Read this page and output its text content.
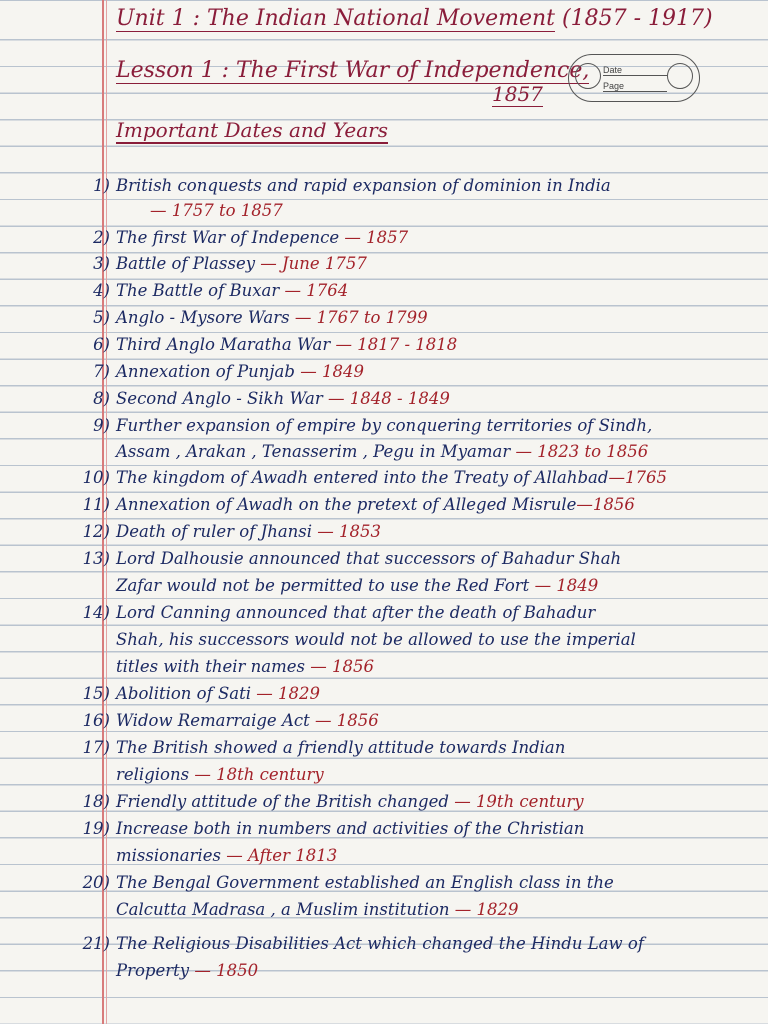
Unit 1 : The Indian National Movement (1857 - 1917)
Lesson 1 : The First War of Independence,
1857
Date
Page
Important Dates and Years
1) British conquests and rapid expansion of dominion in India
— 1757 to 1857
2) The first War of Indepence — 1857
3) Battle of Plassey — June 1757
4) The Battle of Buxar — 1764
5) Anglo - Mysore Wars — 1767 to 1799
6) Third Anglo Maratha War — 1817 - 1818
7) Annexation of Punjab — 1849
8) Second Anglo - Sikh War — 1848 - 1849
9) Further expansion of empire by conquering territories of Sindh,
Assam , Arakan , Tenasserim , Pegu in Myamar — 1823 to 1856
10) The kingdom of Awadh entered into the Treaty of Allahbad—1765
11) Annexation of Awadh on the pretext of Alleged Misrule—1856
12) Death of ruler of Jhansi — 1853
13) Lord Dalhousie announced that successors of Bahadur Shah
Zafar would not be permitted to use the Red Fort — 1849
14) Lord Canning announced that after the death of Bahadur
Shah, his successors would not be allowed to use the imperial
titles with their names — 1856
15) Abolition of Sati — 1829
16) Widow Remarraige Act — 1856
17) The British showed a friendly attitude towards Indian
religions — 18th century
18) Friendly attitude of the British changed — 19th century
19) Increase both in numbers and activities of the Christian
missionaries — After 1813
20) The Bengal Government established an English class in the
Calcutta Madrasa , a Muslim institution — 1829
21) The Religious Disabilities Act which changed the Hindu Law of
Property — 1850
